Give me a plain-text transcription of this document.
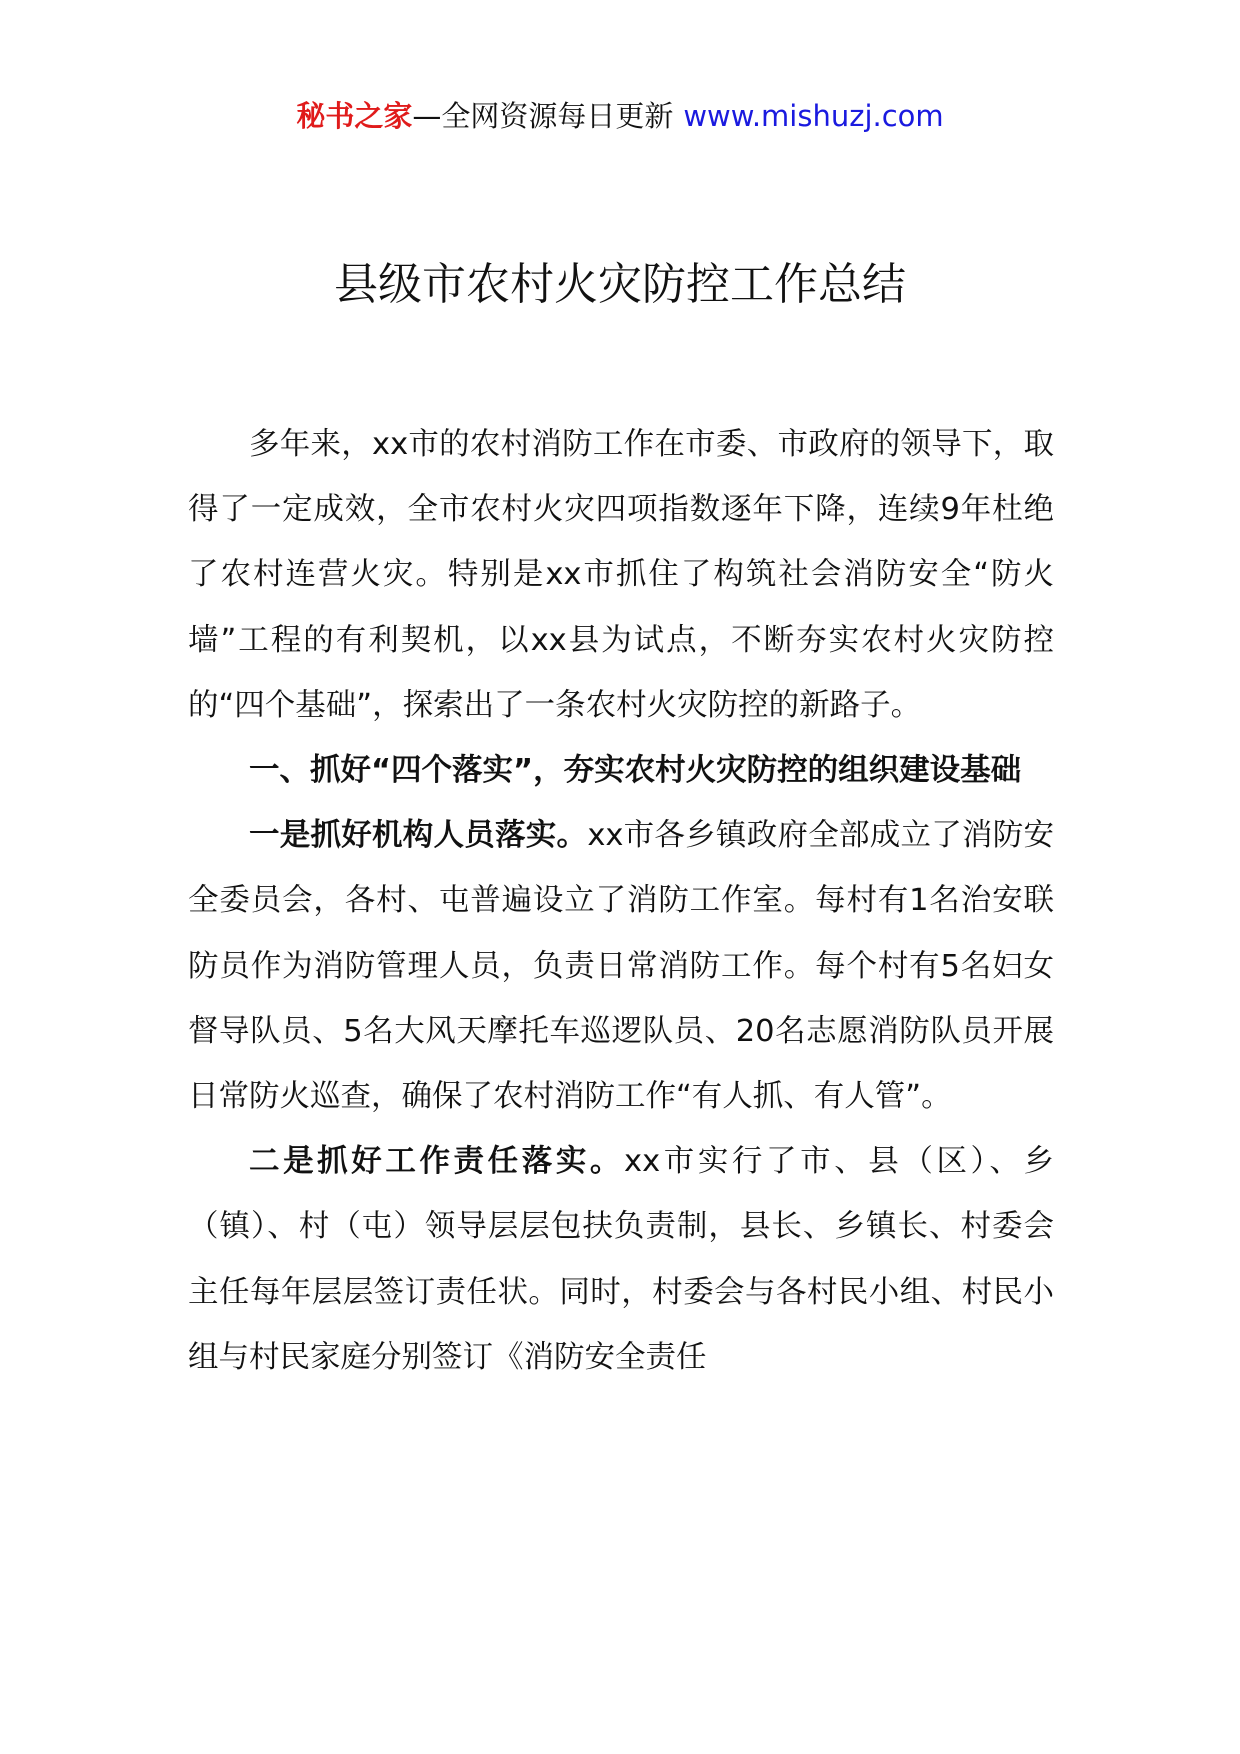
秘书之家—全网资源每日更新 www.mishuzj.com
县级市农村火灾防控工作总结

多年来，xx市的农村消防工作在市委、市政府的领导下，取得了一定成效，全市农村火灾四项指数逐年下降，连续9年杜绝了农村连营火灾。特别是xx市抓住了构筑社会消防安全“防火墙”工程的有利契机，以xx县为试点，不断夯实农村火灾防控的“四个基础”，探索出了一条农村火灾防控的新路子。

一、抓好“四个落实”，夯实农村火灾防控的组织建设基础

一是抓好机构人员落实。xx市各乡镇政府全部成立了消防安全委员会，各村、屯普遍设立了消防工作室。每村有1名治安联防员作为消防管理人员，负责日常消防工作。每个村有5名妇女督导队员、5名大风天摩托车巡逻队员、20名志愿消防队员开展日常防火巡查，确保了农村消防工作“有人抓、有人管”。

二是抓好工作责任落实。xx市实行了市、县（区）、乡（镇）、村（屯）领导层层包扶负责制，县长、乡镇长、村委会主任每年层层签订责任状。同时，村委会与各村民小组、村民小组与村民家庭分别签订《消防安全责任
